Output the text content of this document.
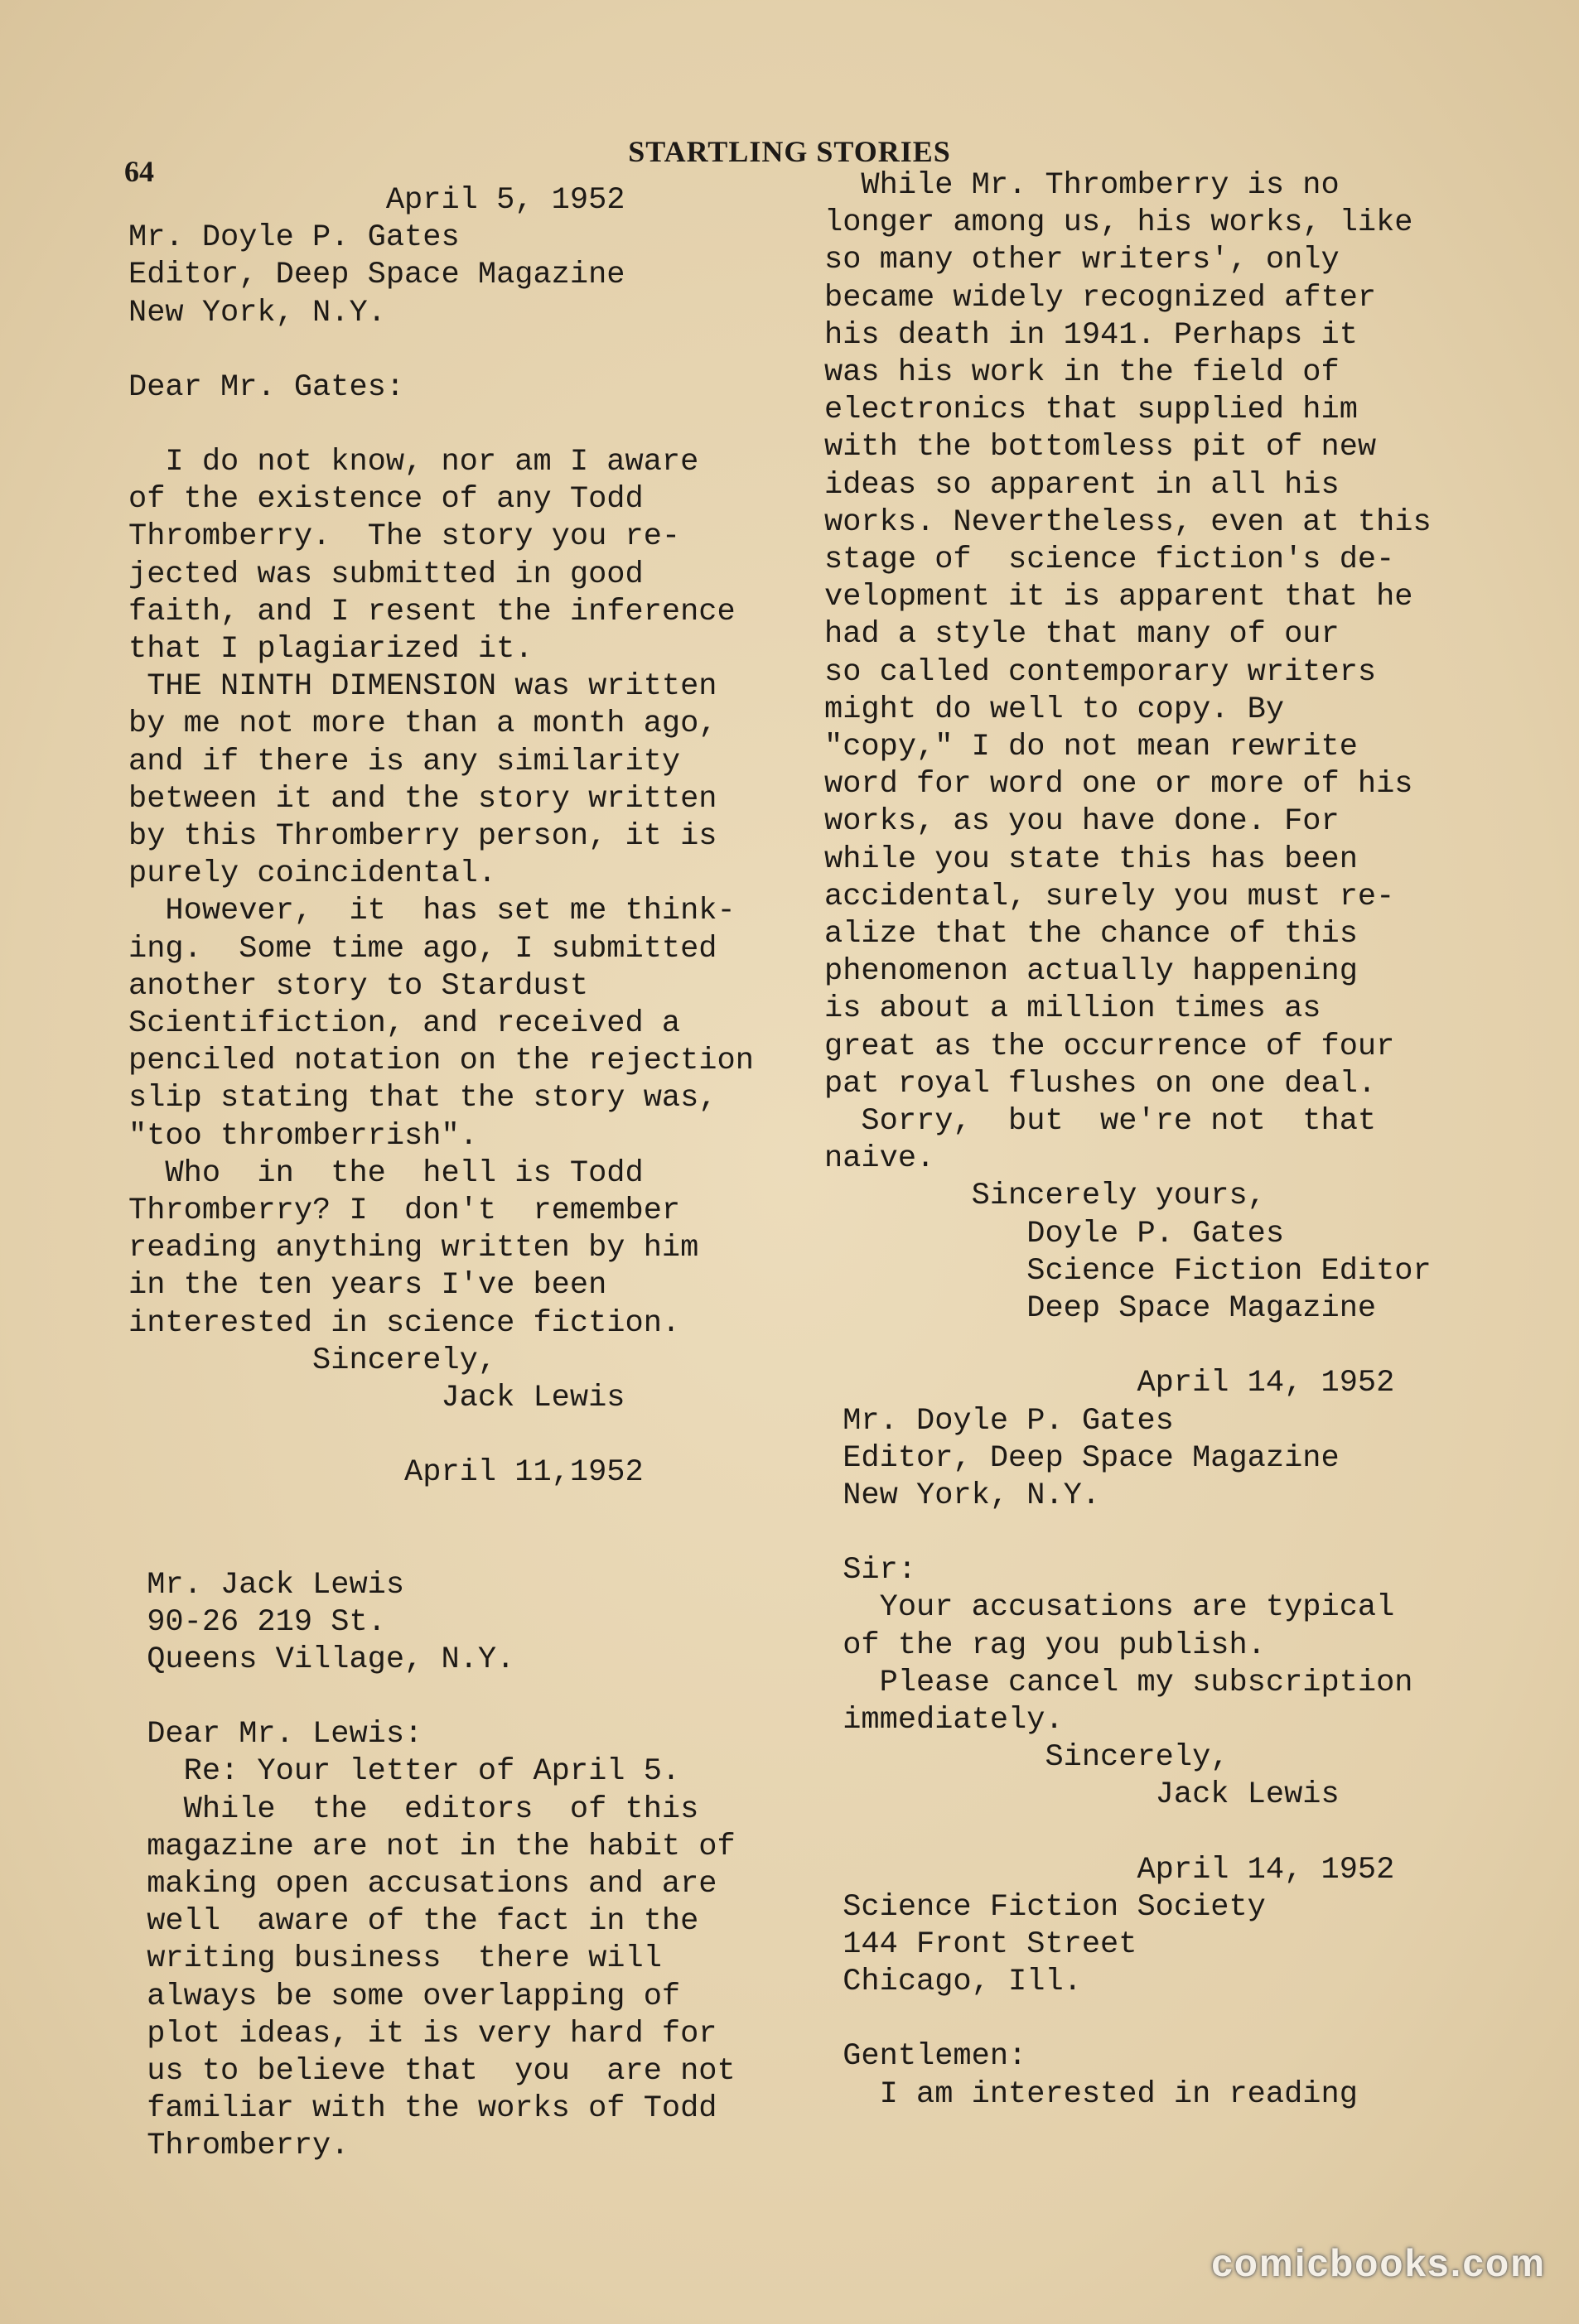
64
STARTLING STORIES
April 5, 1952
Mr. Doyle P. Gates
Editor, Deep Space Magazine
New York, N.Y.
Dear Mr. Gates:
I do not know, nor am I aware
of the existence of any Todd
Thromberry.  The story you re-
jected was submitted in good
faith, and I resent the inference
that I plagiarized it.
THE NINTH DIMENSION was written
by me not more than a month ago,
and if there is any similarity
between it and the story written
by this Thromberry person, it is
purely coincidental.
However,  it  has set me think-
ing.  Some time ago, I submitted
another story to Stardust
Scientifiction, and received a
penciled notation on the rejection
slip stating that the story was,
"too thromberrish".
Who  in  the  hell is Todd
Thromberry? I  don't  remember
reading anything written by him
in the ten years I've been
interested in science fiction.
Sincerely,
Jack Lewis
April 11,1952
Mr. Jack Lewis
90-26 219 St.
Queens Village, N.Y.
Dear Mr. Lewis:
Re: Your letter of April 5.
While  the  editors  of this
magazine are not in the habit of
making open accusations and are
well  aware of the fact in the
writing business  there will
always be some overlapping of
plot ideas, it is very hard for
us to believe that  you  are not
familiar with the works of Todd
Thromberry.
While Mr. Thromberry is no
longer among us, his works, like
so many other writers', only
became widely recognized after
his death in 1941. Perhaps it
was his work in the field of
electronics that supplied him
with the bottomless pit of new
ideas so apparent in all his
works. Nevertheless, even at this
stage of  science fiction's de-
velopment it is apparent that he
had a style that many of our
so called contemporary writers
might do well to copy. By
"copy," I do not mean rewrite
word for word one or more of his
works, as you have done. For
while you state this has been
accidental, surely you must re-
alize that the chance of this
phenomenon actually happening
is about a million times as
great as the occurrence of four
pat royal flushes on one deal.
Sorry,  but  we're not  that
naive.
Sincerely yours,
Doyle P. Gates
Science Fiction Editor
Deep Space Magazine
April 14, 1952
Mr. Doyle P. Gates
Editor, Deep Space Magazine
New York, N.Y.
Sir:
Your accusations are typical
of the rag you publish.
Please cancel my subscription
immediately.
Sincerely,
Jack Lewis
April 14, 1952
Science Fiction Society
144 Front Street
Chicago, Ill.
Gentlemen:
I am interested in reading
comicbooks.com
